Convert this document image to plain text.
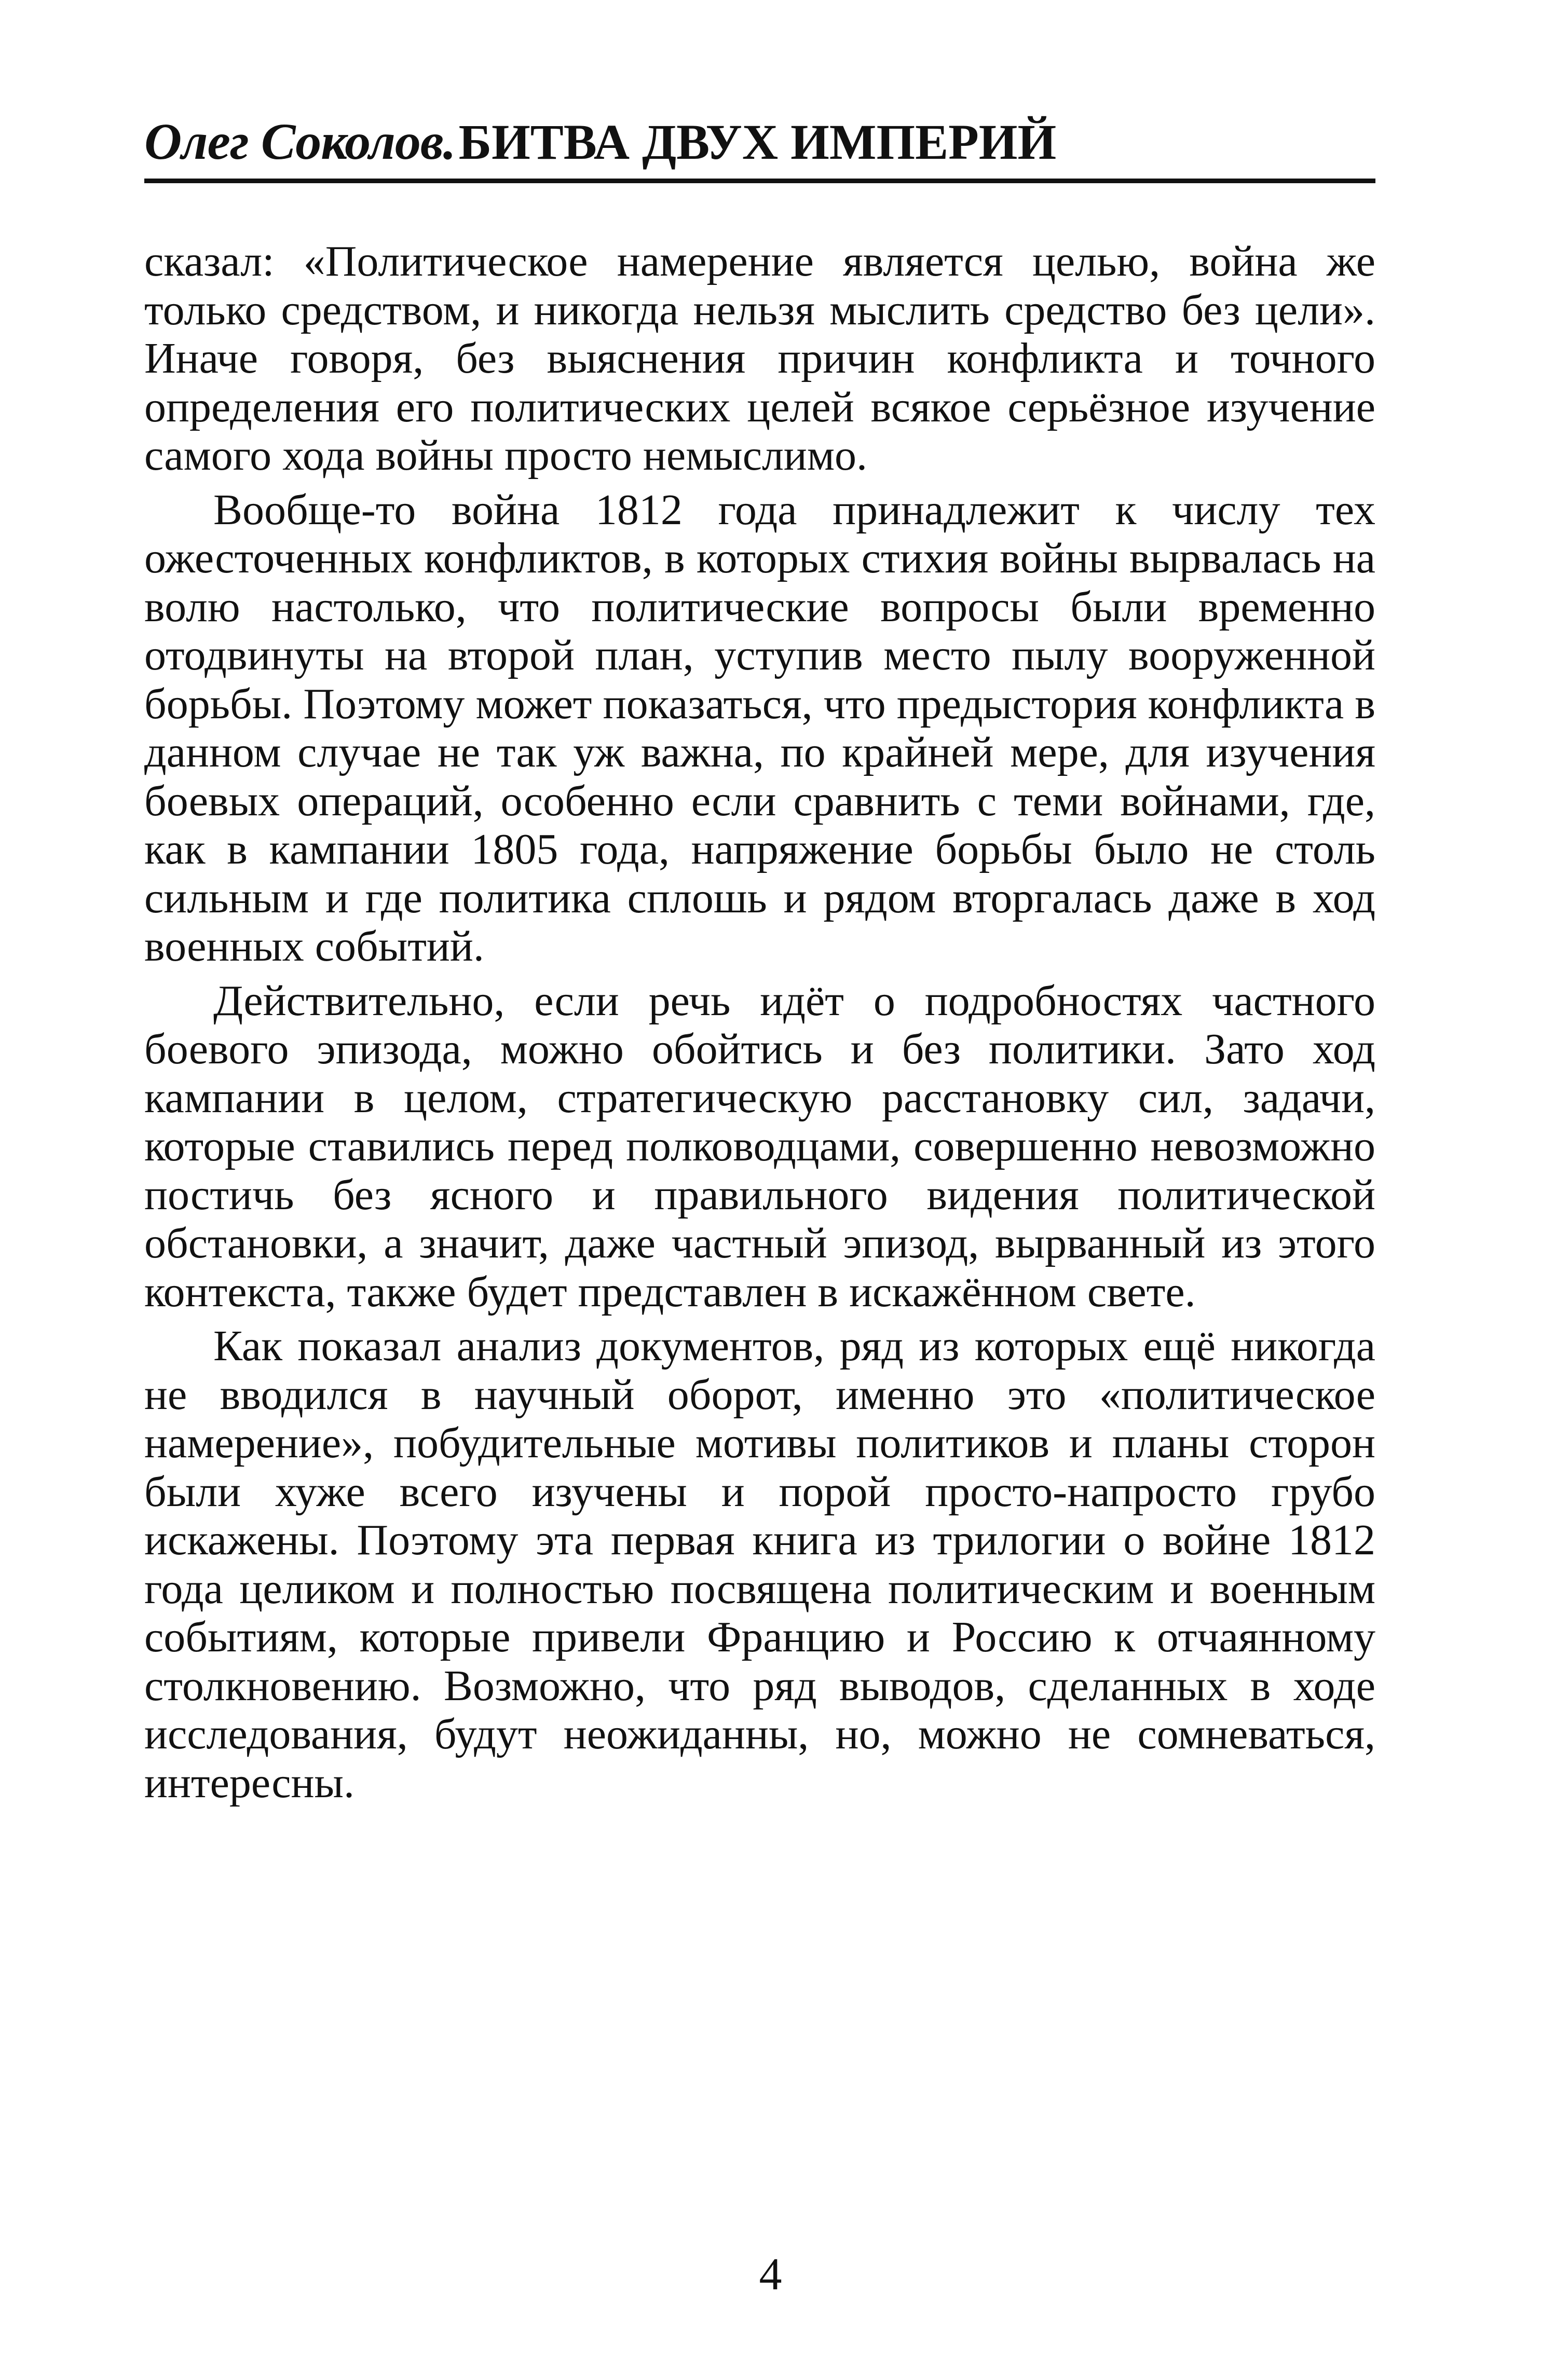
Олег Соколов. БИТВА ДВУХ ИМПЕРИЙ

сказал: «Политическое намерение является целью, война же только средством, и никогда нельзя мыслить средство без цели». Иначе говоря, без выяснения причин конфликта и точного определения его политических целей всякое серьёзное изучение самого хода войны просто немыслимо.

Вообще-то война 1812 года принадлежит к числу тех ожесточенных конфликтов, в которых стихия войны вырвалась на волю настолько, что политические вопросы были временно отодвинуты на второй план, уступив место пылу вооруженной борьбы. Поэтому может показаться, что предыстория конфликта в данном случае не так уж важна, по крайней мере, для изучения боевых операций, особенно если сравнить с теми войнами, где, как в кампании 1805 года, напряжение борьбы было не столь сильным и где политика сплошь и рядом вторгалась даже в ход военных событий.

Действительно, если речь идёт о подробностях частного боевого эпизода, можно обойтись и без политики. Зато ход кампании в целом, стратегическую расстановку сил, задачи, которые ставились перед полководцами, совершенно невозможно постичь без ясного и правильного видения политической обстановки, а значит, даже частный эпизод, вырванный из этого контекста, также будет представлен в искажённом свете.

Как показал анализ документов, ряд из которых ещё никогда не вводился в научный оборот, именно это «политическое намерение», побудительные мотивы политиков и планы сторон были хуже всего изучены и порой просто-напросто грубо искажены. Поэтому эта первая книга из трилогии о войне 1812 года целиком и полностью посвящена политическим и военным событиям, которые привели Францию и Россию к отчаянному столкновению. Возможно, что ряд выводов, сделанных в ходе исследования, будут неожиданны, но, можно не сомневаться, интересны.

4
